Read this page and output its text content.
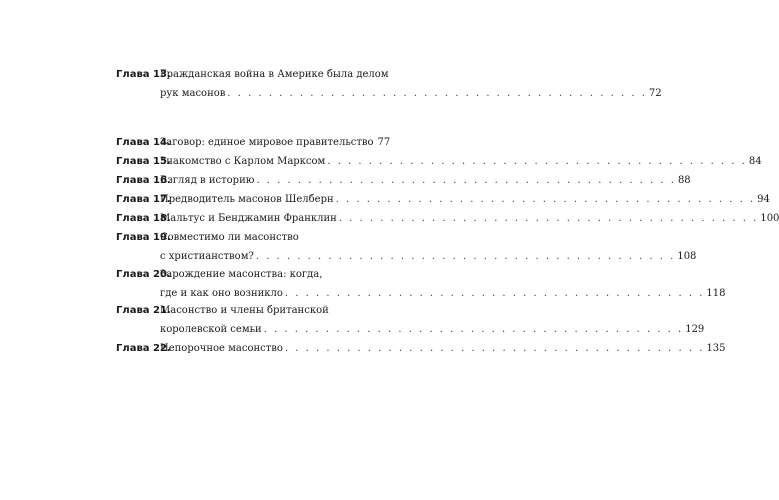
Глава 13.
Гражданская война в Америке была делом
рук масонов . . . . . . . . . . . . . . . . . . . . . . . . . . . . . . . . . . . . . . . . . 72
Глава 14.
Заговор: единое мировое правительство 77
Глава 15.
Знакомство с Карлом Марксом . . . . . . . . . . . . . . . . . . . . . . . . . . . . . . . . . . . . . . . . . 84
Глава 16.
Взгляд в историю . . . . . . . . . . . . . . . . . . . . . . . . . . . . . . . . . . . . . . . . . 88
Глава 17.
Предводитель масонов Шелберн . . . . . . . . . . . . . . . . . . . . . . . . . . . . . . . . . . . . . . . . . 94
Глава 18.
Мальтус и Бенджамин Франклин . . . . . . . . . . . . . . . . . . . . . . . . . . . . . . . . . . . . . . . . . 100
Глава 19.
Совместимо ли масонство
с христианством? . . . . . . . . . . . . . . . . . . . . . . . . . . . . . . . . . . . . . . . . . 108
Глава 20.
Зарождение масонства: когда,
где и как оно возникло . . . . . . . . . . . . . . . . . . . . . . . . . . . . . . . . . . . . . . . . . 118
Глава 21.
Масонство и члены британской
королевской семьи . . . . . . . . . . . . . . . . . . . . . . . . . . . . . . . . . . . . . . . . . 129
Глава 22.
Непорочное масонство . . . . . . . . . . . . . . . . . . . . . . . . . . . . . . . . . . . . . . . . . 135
